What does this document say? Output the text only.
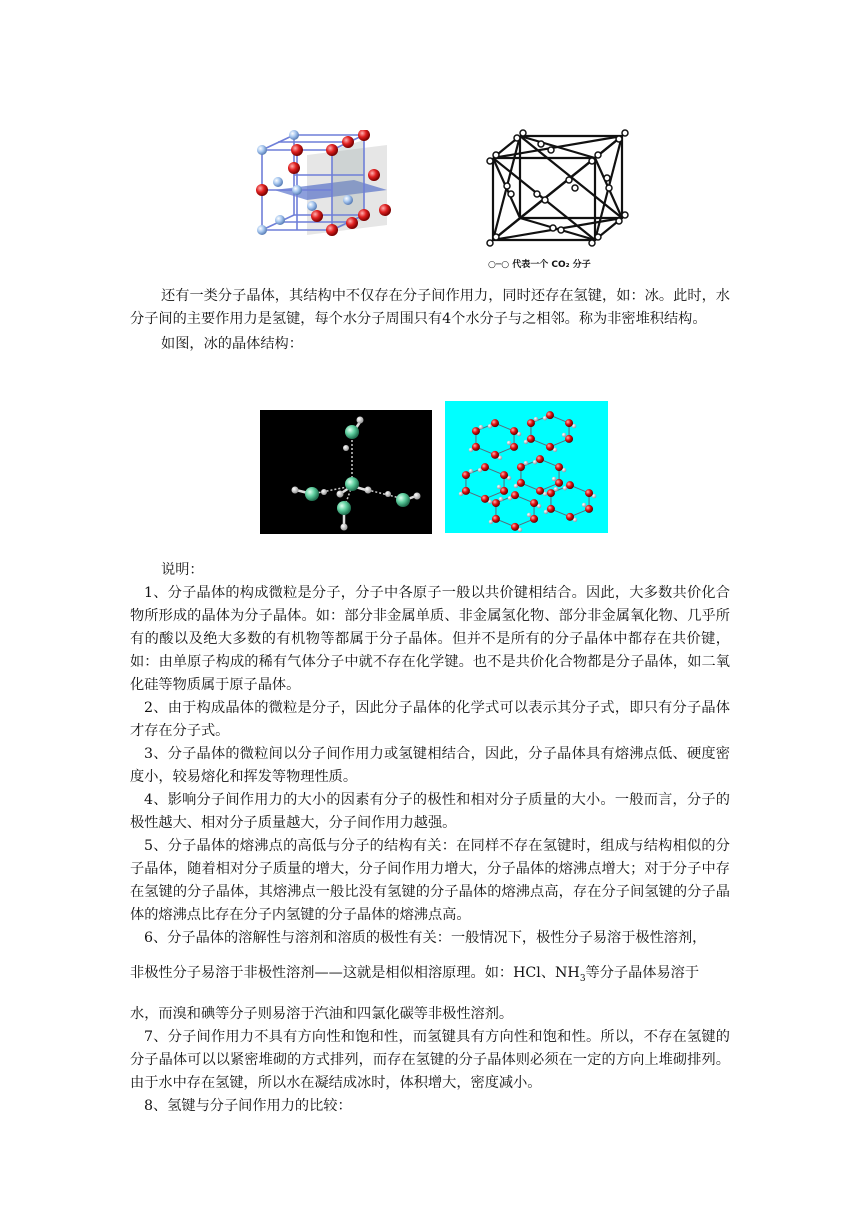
○─○ 代表一个 CO₂ 分子

还有一类分子晶体，其结构中不仅存在分子间作用力，同时还存在氢键，如：冰。此时，水分子间的主要作用力是氢键，每个水分子周围只有4个水分子与之相邻。称为非密堆积结构。

如图，冰的晶体结构：

说明：

1、分子晶体的构成微粒是分子，分子中各原子一般以共价键相结合。因此，大多数共价化合物所形成的晶体为分子晶体。如：部分非金属单质、非金属氢化物、部分非金属氧化物、几乎所有的酸以及绝大多数的有机物等都属于分子晶体。但并不是所有的分子晶体中都存在共价键，如：由单原子构成的稀有气体分子中就不存在化学键。也不是共价化合物都是分子晶体，如二氧化硅等物质属于原子晶体。

2、由于构成晶体的微粒是分子，因此分子晶体的化学式可以表示其分子式，即只有分子晶体才存在分子式。

3、分子晶体的微粒间以分子间作用力或氢键相结合，因此，分子晶体具有熔沸点低、硬度密度小，较易熔化和挥发等物理性质。

4、影响分子间作用力的大小的因素有分子的极性和相对分子质量的大小。一般而言，分子的极性越大、相对分子质量越大，分子间作用力越强。

5、分子晶体的熔沸点的高低与分子的结构有关：在同样不存在氢键时，组成与结构相似的分子晶体，随着相对分子质量的增大，分子间作用力增大，分子晶体的熔沸点增大；对于分子中存在氢键的分子晶体，其熔沸点一般比没有氢键的分子晶体的熔沸点高，存在分子间氢键的分子晶体的熔沸点比存在分子内氢键的分子晶体的熔沸点高。

6、分子晶体的溶解性与溶剂和溶质的极性有关：一般情况下，极性分子易溶于极性溶剂，

非极性分子易溶于非极性溶剂——这就是相似相溶原理。如：HCl、$NH_3$等分子晶体易溶于

水，而溴和碘等分子则易溶于汽油和四氯化碳等非极性溶剂。

7、分子间作用力不具有方向性和饱和性，而氢键具有方向性和饱和性。所以，不存在氢键的分子晶体可以以紧密堆砌的方式排列，而存在氢键的分子晶体则必须在一定的方向上堆砌排列。由于水中存在氢键，所以水在凝结成冰时，体积增大，密度减小。

8、氢键与分子间作用力的比较：
